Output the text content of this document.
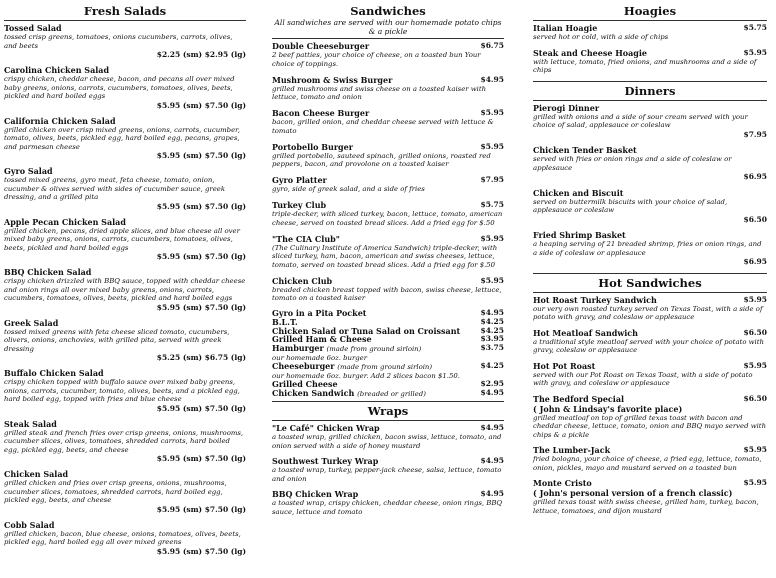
Fresh Salads
Tossed Salad
tossed crisp greens, tomatoes, onions cucumbers, carrots, olives, and beets
$2.25 (sm) $2.95 (lg)
Carolina Chicken Salad
crispy chicken, cheddar cheese, bacon, and pecans all over mixed baby greens, onions, carrots, cucumbers, tomatoes, olives, beets, pickled and hard boiled eggs
$5.95 (sm) $7.50 (lg)
California Chicken Salad
grilled chicken over crisp mixed greens, onions, carrots, cucumber, tomato, olives, beets, pickled egg, hard boiled egg, pecans, grapes, and parmesan cheese
$5.95 (sm) $7.50 (lg)
Gyro Salad
tossed mixed greens, gyro meat, feta cheese, tomato, onion, cucumber & olives served with sides of cucumber sauce, greek dressing, and a grilled pita
$5.95 (sm) $7.50 (lg)
Apple Pecan Chicken Salad
grilled chicken, pecans, dried apple slices, and blue cheese all over mixed baby greens, onions, carrots, cucumbers, tomatoes, olives, beets, pickled and hard boiled eggs
$5.95 (sm) $7.50 (lg)
BBQ Chicken Salad
crispy chicken drizzled with BBQ sauce, topped with cheddar cheese and onion rings all over mixed baby greens, onions, carrots, cucumbers, tomatoes, olives, beets, pickled and hard boiled eggs
$5.95 (sm) $7.50 (lg)
Greek Salad
tossed mixed greens with feta cheese sliced tomato, cucumbers, olivers, onions, anchovies, with grilled pita, served with greek dressing
$5.25 (sm) $6.75 (lg)
Buffalo Chicken Salad
crispy chicken topped with buffalo sauce over mixed baby greens, onions, carrots, cucumber, tomato, olives, beets, and a pickled egg, hard boiled egg, topped with fries and blue cheese
$5.95 (sm) $7.50 (lg)
Steak Salad
grilled steak and french fries over crisp greens, onions, mushrooms, cucumber slices, olives, tomatoes, shredded carrots, hard boiled egg, pickled egg, beets, and cheese
$5.95 (sm) $7.50 (lg)
Chicken Salad
grilled chicken and fries over crisp greens, onions, mushrooms, cucumber slices, tomatoes, shredded carrots, hard boiled egg, pickled egg, beets, and cheese
$5.95 (sm) $7.50 (lg)
Cobb Salad
grilled chicken, bacon, blue cheese, onions, tomatoes, olives, beets, pickled egg, hard boiled egg all over mixed greens
$5.95 (sm) $7.50 (lg)
Sandwiches
All sandwiches are served with our homemade potato chips & a pickle
Double Cheeseburger	$6.75
2 beef patties, your choice of cheese, on a toasted bun Your choice of toppings.
Mushroom & Swiss Burger	$4.95
grilled mushrooms and swiss cheese on a toasted kaiser with lettuce, tomato and onion
Bacon Cheese Burger	$5.95
bacon, grilled onion, and cheddar cheese served with lettuce & tomato
Portobello Burger	$5.95
grilled portobello, sauteed spinach, grilled onions, roasted red peppers, bacon, and provolone on a toasted kaiser
Gyro Platter	$7.95
gyro, side of greek salad, and a side of fries
Turkey Club	$5.75
triple-decker, with sliced turkey, bacon, lettuce, tomato, american cheese, served on toasted bread slices. Add a fried egg for $.50
"The CIA Club"	$5.95
(The Culinary Institute of America Sandwich) triple-decker, with sliced turkey, ham, bacon, american and swiss cheeses, lettuce, tomato, served on toasted bread slices. Add a fried egg for $.50
Chicken Club	$5.95
breaded chicken breast topped with bacon, swiss cheese, lettuce, tomato on a toasted kaiser
Gyro in a Pita Pocket	$4.95
B.L.T.	$4.25
Chicken Salad or Tuna Salad on Croissant	$4.25
Grilled Ham & Cheese	$3.95
Hamburger (made from ground sirloin)	$3.75
our homemade 6oz. burger
Cheeseburger (made from ground sirloin)	$4.25
our homemade 6oz. burger. Add 2 slices bacon $1.50.
Grilled Cheese	$2.95
Chicken Sandwich (breaded or grilled)	$4.95
Wraps
"Le Café" Chicken Wrap	$4.95
a toasted wrap, grilled chicken, bacon swiss, lettuce, tomato, and onion served with a side of honey mustard
Southwest Turkey Wrap	$4.95
a toasted wrap, turkey, pepper-jack cheese, salsa, lettuce, tomato and onion
BBQ Chicken Wrap	$4.95
a toasted wrap, crispy chicken, cheddar cheese, onion rings, BBQ sauce, lettuce and tomato
Hoagies
Italian Hoagie	$5.75
served hot or cold, with a side of chips
Steak and Cheese Hoagie	$5.95
with lettuce, tomato, fried onions, and mushrooms and a side of chips
Dinners
Pierogi Dinner
grilled with onions and a side of sour cream served with your choice of salad, applesauce or coleslaw
$7.95
Chicken Tender Basket
served with fries or onion rings and a side of coleslaw or applesauce
$6.95
Chicken and Biscuit
served on buttermilk biscuits with your choice of salad, applesauce or coleslaw
$6.50
Fried Shrimp Basket
a heaping serving of 21 breaded shrimp, fries or onion rings, and a side of coleslaw or applesauce
$6.95
Hot Sandwiches
Hot Roast Turkey Sandwich	$5.95
our very own roasted turkey served on Texas Toast, with a side of potato with gravy, and coleslaw or applesauce
Hot Meatloaf Sandwich	$6.50
a traditional style meatloaf served with your choice of potato with gravy, coleslaw or applesauce
Hot Pot Roast	$5.95
served with our Pot Roast on Texas Toast, with a side of potato with gravy, and coleslaw or applesauce
The Bedford Special	$6.50
( John & Lindsay's favorite place)
grilled meatloaf on top of grilled texas toast with bacon and cheddar cheese, lettuce, tomato, onion and BBQ mayo served with chips & a pickle
The Lumber-Jack	$5.95
fried bologna, your choice of cheese, a fried egg, lettuce, tomato, onion, pickles, mayo and mustard served on a toasted bun
Monte Cristo	$5.95
( John's personal version of a french classic)
grilled texas toast with swiss cheese, grilled ham, turkey, bacon, lettuce, tomatoes, and dijon mustard
